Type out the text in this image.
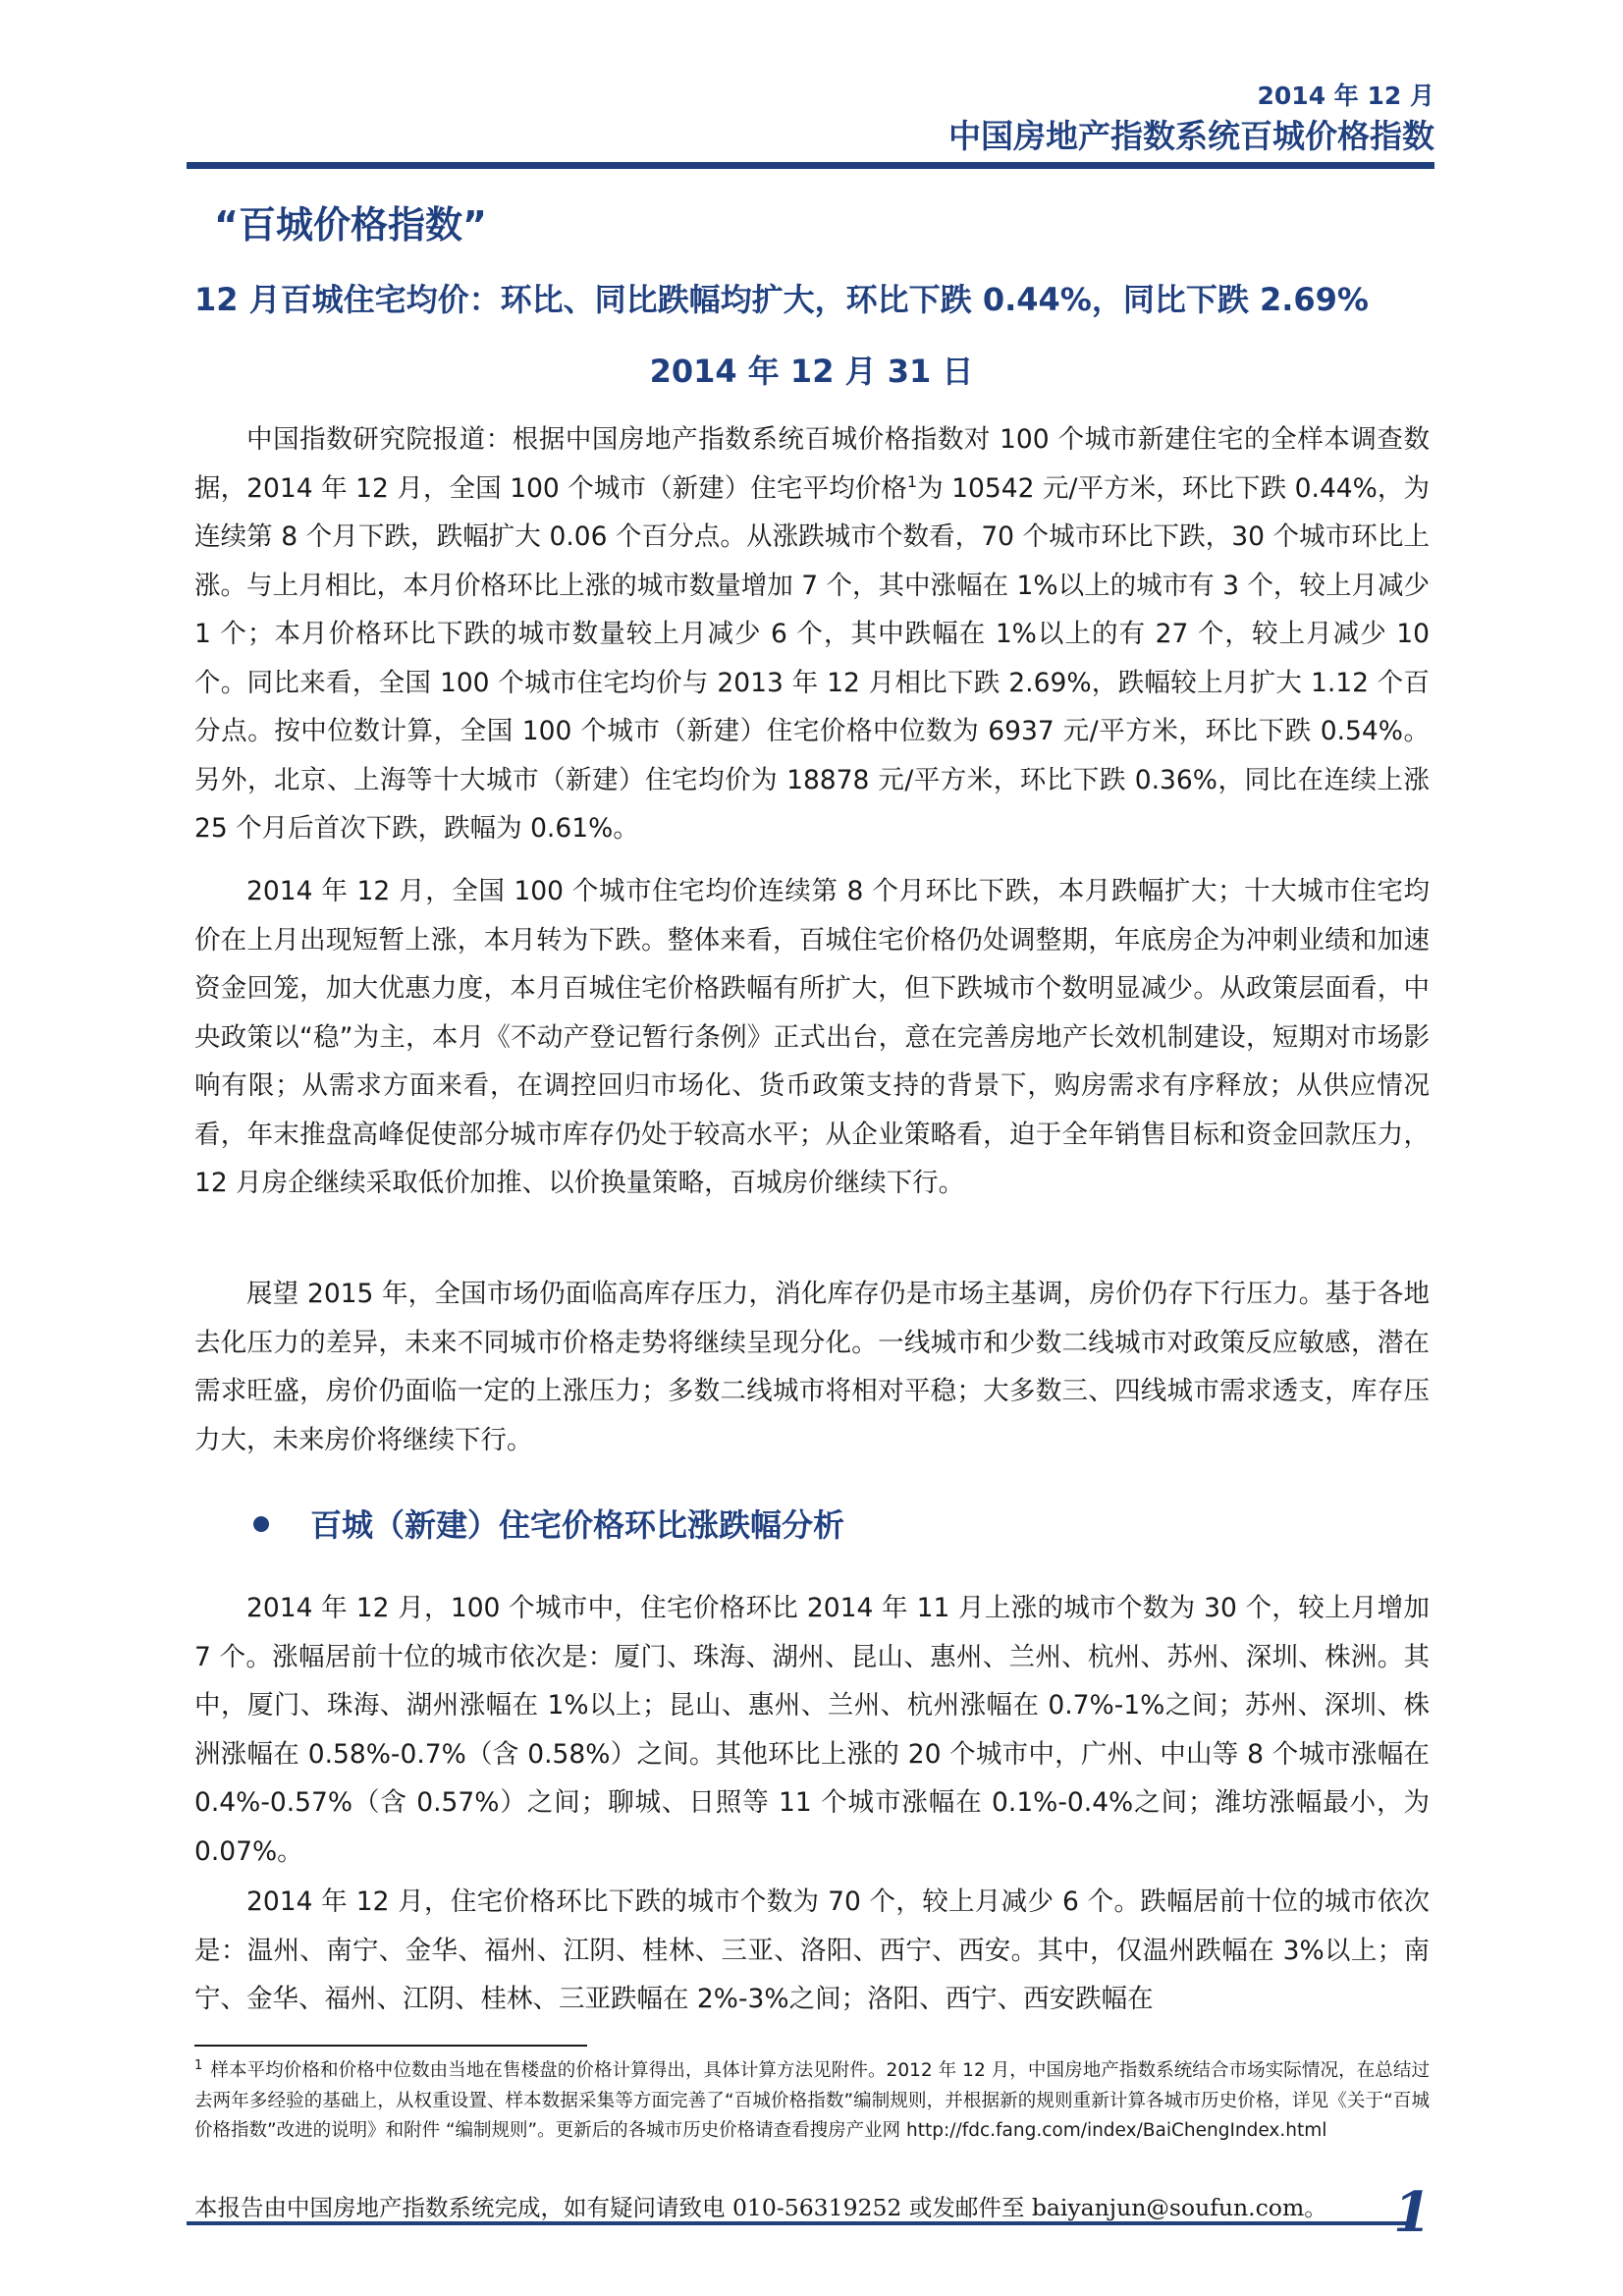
2014 年 12 月
中国房地产指数系统百城价格指数
“百城价格指数”
12 月百城住宅均价：环比、同比跌幅均扩大，环比下跌 0.44%，同比下跌 2.69%
2014 年 12 月 31 日

中国指数研究院报道：根据中国房地产指数系统百城价格指数对 100 个城市新建住宅的全样本调查数据，2014 年 12 月，全国 100 个城市（新建）住宅平均价格$^1$为 10542 元/平方米，环比下跌 0.44%，为连续第 8 个月下跌，跌幅扩大 0.06 个百分点。从涨跌城市个数看，70 个城市环比下跌，30 个城市环比上涨。与上月相比，本月价格环比上涨的城市数量增加 7 个，其中涨幅在 1%以上的城市有 3 个，较上月减少 1 个；本月价格环比下跌的城市数量较上月减少 6 个，其中跌幅在 1%以上的有 27 个，较上月减少 10 个。同比来看，全国 100 个城市住宅均价与 2013 年 12 月相比下跌 2.69%，跌幅较上月扩大 1.12 个百分点。按中位数计算，全国 100 个城市（新建）住宅价格中位数为 6937 元/平方米，环比下跌 0.54%。另外，北京、上海等十大城市（新建）住宅均价为 18878 元/平方米，环比下跌 0.36%，同比在连续上涨 25 个月后首次下跌，跌幅为 0.61%。

2014 年 12 月，全国 100 个城市住宅均价连续第 8 个月环比下跌，本月跌幅扩大；十大城市住宅均价在上月出现短暂上涨，本月转为下跌。整体来看，百城住宅价格仍处调整期，年底房企为冲刺业绩和加速资金回笼，加大优惠力度，本月百城住宅价格跌幅有所扩大，但下跌城市个数明显减少。从政策层面看，中央政策以“稳”为主，本月《不动产登记暂行条例》正式出台，意在完善房地产长效机制建设，短期对市场影响有限；从需求方面来看，在调控回归市场化、货币政策支持的背景下，购房需求有序释放；从供应情况看，年末推盘高峰促使部分城市库存仍处于较高水平；从企业策略看，迫于全年销售目标和资金回款压力，12 月房企继续采取低价加推、以价换量策略，百城房价继续下行。

展望 2015 年，全国市场仍面临高库存压力，消化库存仍是市场主基调，房价仍存下行压力。基于各地去化压力的差异，未来不同城市价格走势将继续呈现分化。一线城市和少数二线城市对政策反应敏感，潜在需求旺盛，房价仍面临一定的上涨压力；多数二线城市将相对平稳；大多数三、四线城市需求透支，库存压力大，未来房价将继续下行。

百城（新建）住宅价格环比涨跌幅分析

2014 年 12 月，100 个城市中，住宅价格环比 2014 年 11 月上涨的城市个数为 30 个，较上月增加 7 个。涨幅居前十位的城市依次是：厦门、珠海、湖州、昆山、惠州、兰州、杭州、苏州、深圳、株洲。其中，厦门、珠海、湖州涨幅在 1%以上；昆山、惠州、兰州、杭州涨幅在 0.7%-1%之间；苏州、深圳、株洲涨幅在 0.58%-0.7%（含 0.58%）之间。其他环比上涨的 20 个城市中，广州、中山等 8 个城市涨幅在 0.4%-0.57%（含 0.57%）之间；聊城、日照等 11 个城市涨幅在 0.1%-0.4%之间；潍坊涨幅最小，为 0.07%。

2014 年 12 月，住宅价格环比下跌的城市个数为 70 个，较上月减少 6 个。跌幅居前十位的城市依次是：温州、南宁、金华、福州、江阴、桂林、三亚、洛阳、西宁、西安。其中，仅温州跌幅在 3%以上；南宁、金华、福州、江阴、桂林、三亚跌幅在 2%-3%之间；洛阳、西宁、西安跌幅在

$^1$ 样本平均价格和价格中位数由当地在售楼盘的价格计算得出，具体计算方法见附件。2012 年 12 月，中国房地产指数系统结合市场实际情况，在总结过去两年多经验的基础上，从权重设置、样本数据采集等方面完善了“百城价格指数”编制规则，并根据新的规则重新计算各城市历史价格，详见《关于“百城价格指数”改进的说明》和附件 “编制规则”。更新后的各城市历史价格请查看搜房产业网 http://fdc.fang.com/index/BaiChengIndex.html
本报告由中国房地产指数系统完成，如有疑问请致电 010-56319252 或发邮件至 baiyanjun@soufun.com。 1
